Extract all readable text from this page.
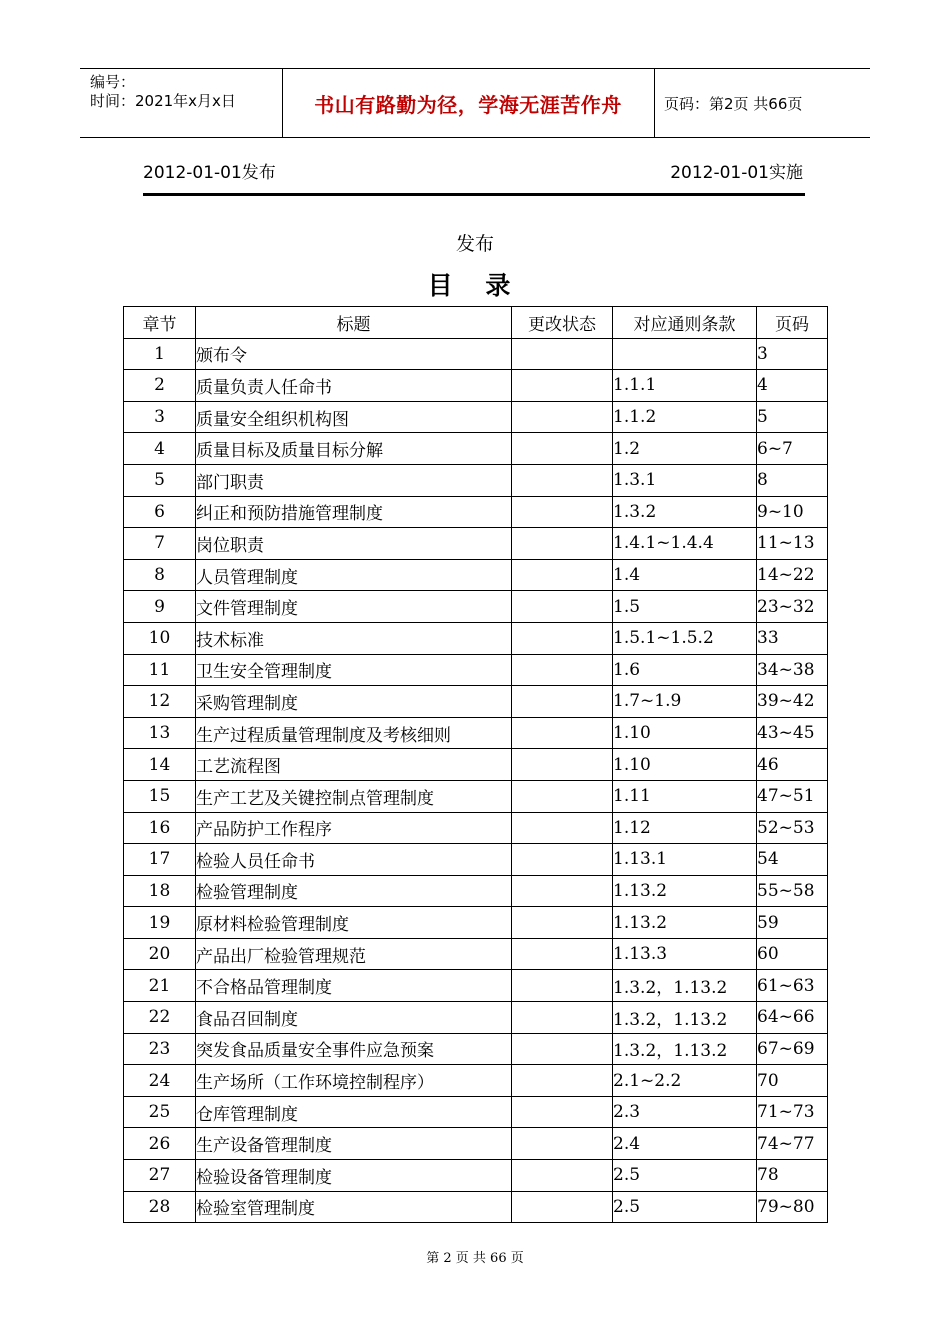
编号：
时间：2021年x月x日	书山有路勤为径，学海无涯苦作舟	页码：第2页 共66页
2012-01-01发布	2012-01-01实施
发布
目 录
章节	标题	更改状态	对应通则条款	页码
1	颁布令			3
2	质量负责人任命书		1.1.1	4
3	质量安全组织机构图		1.1.2	5
4	质量目标及质量目标分解		1.2	6~7
5	部门职责		1.3.1	8
6	纠正和预防措施管理制度		1.3.2	9~10
7	岗位职责		1.4.1~1.4.4	11~13
8	人员管理制度		1.4	14~22
9	文件管理制度		1.5	23~32
10	技术标准		1.5.1~1.5.2	33
11	卫生安全管理制度		1.6	34~38
12	采购管理制度		1.7~1.9	39~42
13	生产过程质量管理制度及考核细则		1.10	43~45
14	工艺流程图		1.10	46
15	生产工艺及关键控制点管理制度		1.11	47~51
16	产品防护工作程序		1.12	52~53
17	检验人员任命书		1.13.1	54
18	检验管理制度		1.13.2	55~58
19	原材料检验管理制度		1.13.2	59
20	产品出厂检验管理规范		1.13.3	60
21	不合格品管理制度		1.3.2，1.13.2	61~63
22	食品召回制度		1.3.2，1.13.2	64~66
23	突发食品质量安全事件应急预案		1.3.2，1.13.2	67~69
24	生产场所（工作环境控制程序）		2.1~2.2	70
25	仓库管理制度		2.3	71~73
26	生产设备管理制度		2.4	74~77
27	检验设备管理制度		2.5	78
28	检验室管理制度		2.5	79~80
第 2 页 共 66 页
